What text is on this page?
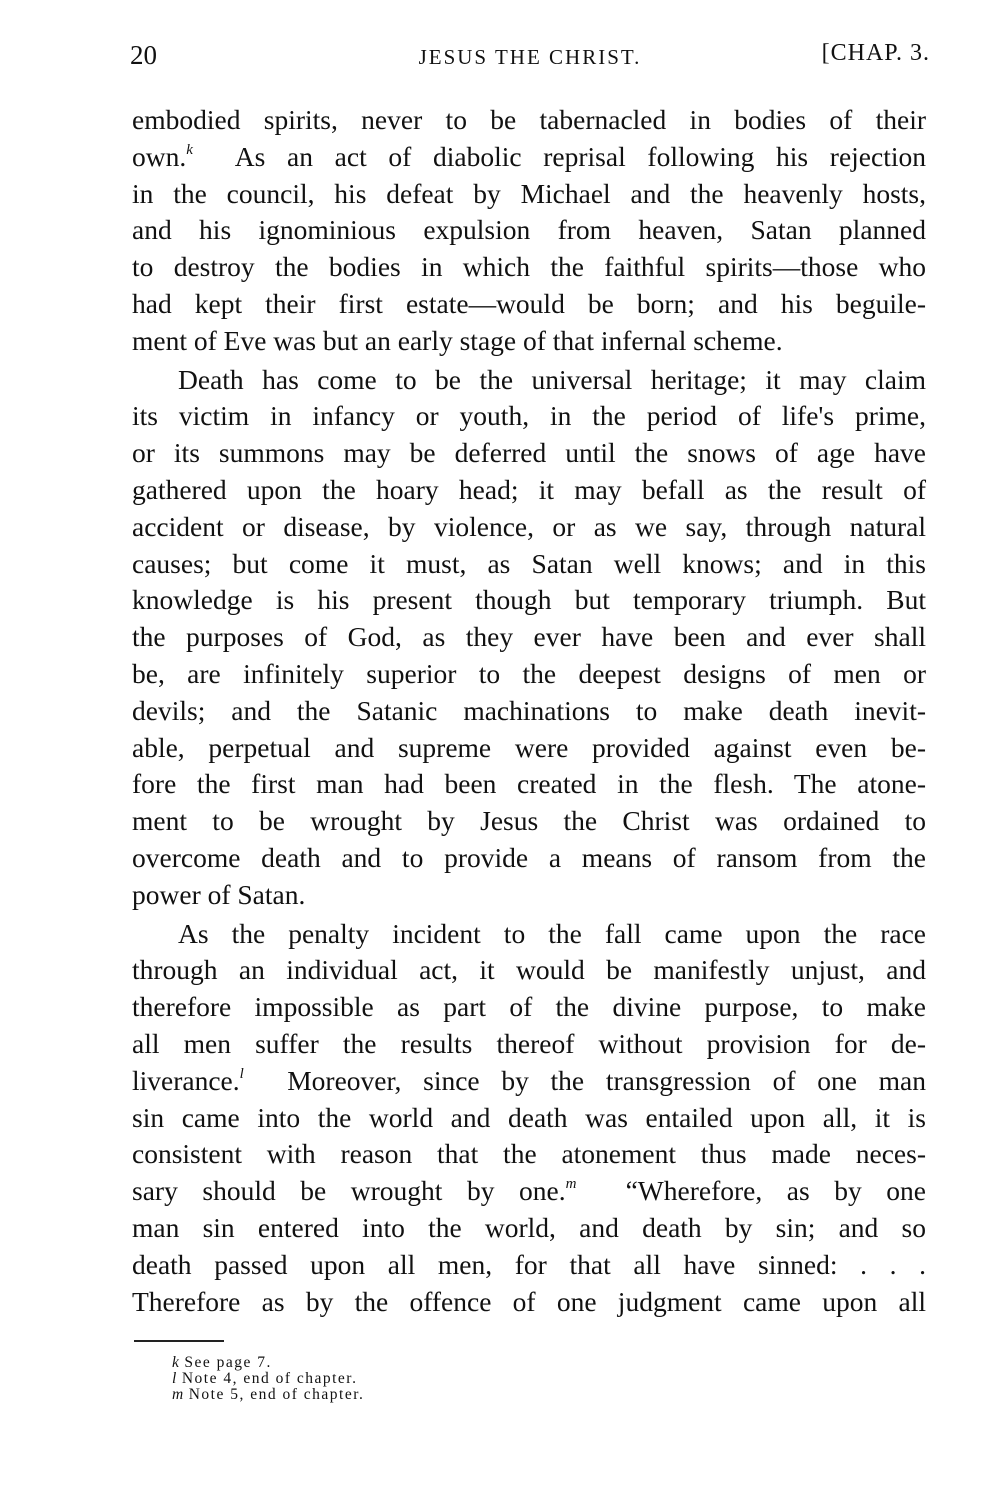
20	JESUS THE CHRIST.	[CHAP. 3.
embodied spirits, never to be tabernacled in bodies of their
own.$^k$ As an act of diabolic reprisal following his rejection
in the council, his defeat by Michael and the heavenly hosts,
and his ignominious expulsion from heaven, Satan planned
to destroy the bodies in which the faithful spirits—those who
had kept their first estate—would be born; and his beguile-
ment of Eve was but an early stage of that infernal scheme.
Death has come to be the universal heritage; it may claim
its victim in infancy or youth, in the period of life's prime,
or its summons may be deferred until the snows of age have
gathered upon the hoary head; it may befall as the result of
accident or disease, by violence, or as we say, through natural
causes; but come it must, as Satan well knows; and in this
knowledge is his present though but temporary triumph. But
the purposes of God, as they ever have been and ever shall
be, are infinitely superior to the deepest designs of men or
devils; and the Satanic machinations to make death inevit-
able, perpetual and supreme were provided against even be-
fore the first man had been created in the flesh. The atone-
ment to be wrought by Jesus the Christ was ordained to
overcome death and to provide a means of ransom from the
power of Satan.
As the penalty incident to the fall came upon the race
through an individual act, it would be manifestly unjust, and
therefore impossible as part of the divine purpose, to make
all men suffer the results thereof without provision for de-
liverance.$^l$ Moreover, since by the transgression of one man
sin came into the world and death was entailed upon all, it is
consistent with reason that the atonement thus made neces-
sary should be wrought by one.$^m$ “Wherefore, as by one
man sin entered into the world, and death by sin; and so
death passed upon all men, for that all have sinned: . . .
Therefore as by the offence of one judgment came upon all
k See page 7.
l Note 4, end of chapter.
m Note 5, end of chapter.
